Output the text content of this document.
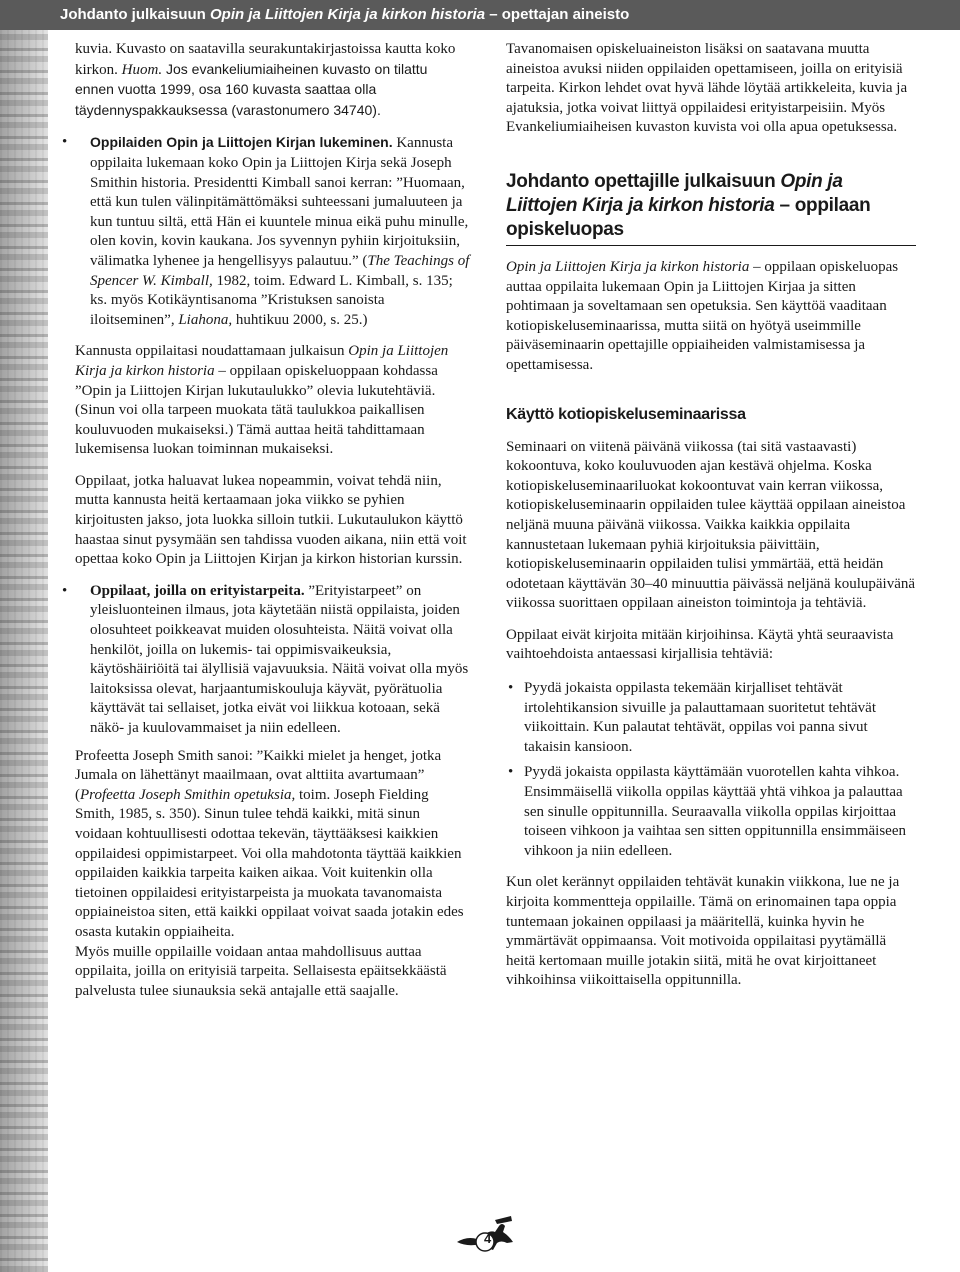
Johdanto julkaisuun Opin ja Liittojen Kirja ja kirkon historia – opettajan aineisto

kuvia. Kuvasto on saatavilla seurakuntakirjastoissa kautta koko kirkon. Huom. Jos evankeliumiaiheinen kuvasto on tilattu ennen vuotta 1999, osa 160 kuvasta saattaa olla täydennyspakkauksessa (varastonumero 34740).

• Oppilaiden Opin ja Liittojen Kirjan lukeminen. Kannusta oppilaita lukemaan koko Opin ja Liittojen Kirja sekä Joseph Smithin historia. Presidentti Kimball sanoi kerran: ”Huomaan, että kun tulen välinpitämättömäksi suhteessani jumaluuteen ja kun tuntuu siltä, että Hän ei kuuntele minua eikä puhu minulle, olen kovin, kovin kaukana. Jos syvennyn pyhiin kirjoituksiin, välimatka lyhenee ja hengellisyys palautuu.” (The Teachings of Spencer W. Kimball, 1982, toim. Edward L. Kimball, s. 135; ks. myös Kotikäyntisanoma ”Kristuksen sanoista iloitseminen”, Liahona, huhtikuu 2000, s. 25.)

Kannusta oppilaitasi noudattamaan julkaisun Opin ja Liittojen Kirja ja kirkon historia – oppilaan opiskeluoppaan kohdassa ”Opin ja Liittojen Kirjan lukutaulukko” olevia lukutehtäviä. (Sinun voi olla tarpeen muokata tätä taulukkoa paikallisen kouluvuoden mukaiseksi.) Tämä auttaa heitä tahdittamaan lukemisensa luokan toiminnan mukaiseksi.

Oppilaat, jotka haluavat lukea nopeammin, voivat tehdä niin, mutta kannusta heitä kertaamaan joka viikko se pyhien kirjoitusten jakso, jota luokka silloin tutkii. Lukutaulukon käyttö haastaa sinut pysymään sen tahdissa vuoden aikana, niin että voit opettaa koko Opin ja Liittojen Kirjan ja kirkon historian kurssin.

• Oppilaat, joilla on erityistarpeita. ”Erityistarpeet” on yleisluonteinen ilmaus, jota käytetään niistä oppilaista, joiden olosuhteet poikkeavat muiden olosuhteista. Näitä voivat olla henkilöt, joilla on lukemis- tai oppimisvaikeuksia, käytöshäiriöitä tai älyllisiä vajavuuksia. Näitä voivat olla myös laitoksissa olevat, harjaantumiskouluja käyvät, pyörätuolia käyttävät tai sellaiset, jotka eivät voi liikkua kotoaan, sekä näkö- ja kuulovammaiset ja niin edelleen.

Profeetta Joseph Smith sanoi: ”Kaikki mielet ja henget, jotka Jumala on lähettänyt maailmaan, ovat alttiita avartumaan” (Profeetta Joseph Smithin opetuksia, toim. Joseph Fielding Smith, 1985, s. 350). Sinun tulee tehdä kaikki, mitä sinun voidaan kohtuullisesti odottaa tekevän, täyttääksesi kaikkien oppilaidesi oppimistarpeet. Voi olla mahdotonta täyttää kaikkien oppilaiden kaikkia tarpeita kaiken aikaa. Voit kuitenkin olla tietoinen oppilaidesi erityistarpeista ja muokata tavanomaista oppiaineistoa siten, että kaikki oppilaat voivat saada jotakin edes osasta kutakin oppiaiheita.

Myös muille oppilaille voidaan antaa mahdollisuus auttaa oppilaita, joilla on erityisiä tarpeita. Sellaisesta epäitsekkäästä palvelusta tulee siunauksia sekä antajalle että saajalle.

Tavanomaisen opiskeluaineiston lisäksi on saatavana muutta aineistoa avuksi niiden oppilaiden opettamiseen, joilla on erityisiä tarpeita. Kirkon lehdet ovat hyvä lähde löytää artikkeleita, kuvia ja ajatuksia, jotka voivat liittyä oppilaidesi erityistarpeisiin. Myös Evankeliumiaiheisen kuvaston kuvista voi olla apua opetuksessa.

Johdanto opettajille julkaisuun Opin ja Liittojen Kirja ja kirkon historia – oppilaan opiskeluopas

Opin ja Liittojen Kirja ja kirkon historia – oppilaan opiskeluopas auttaa oppilaita lukemaan Opin ja Liittojen Kirjaa ja sitten pohtimaan ja soveltamaan sen opetuksia. Sen käyttöä vaaditaan kotiopiskeluseminaarissa, mutta siitä on hyötyä useimmille päiväseminaarin opettajille oppiaiheiden valmistamisessa ja opettamisessa.

Käyttö kotiopiskeluseminaarissa

Seminaari on viitenä päivänä viikossa (tai sitä vastaavasti) kokoontuva, koko kouluvuoden ajan kestävä ohjelma. Koska kotiopiskeluseminaariluokat kokoontuvat vain kerran viikossa, kotiopiskeluseminaarin oppilaiden tulee käyttää oppilaan aineistoa neljänä muuna päivänä viikossa. Vaikka kaikkia oppilaita kannustetaan lukemaan pyhiä kirjoituksia päivittäin, kotiopiskeluseminaarin oppilaiden tulisi ymmärtää, että heidän odotetaan käyttävän 30–40 minuuttia päivässä neljänä koulupäivänä viikossa suorittaen oppilaan aineiston toimintoja ja tehtäviä.

Oppilaat eivät kirjoita mitään kirjoihinsa. Käytä yhtä seuraavista vaihtoehdoista antaessasi kirjallisia tehtäviä:

• Pyydä jokaista oppilasta tekemään kirjalliset tehtävät irtolehtikansion sivuille ja palauttamaan suoritetut tehtävät viikoittain. Kun palautat tehtävät, oppilas voi panna sivut takaisin kansioon.
• Pyydä jokaista oppilasta käyttämään vuorotellen kahta vihkoa. Ensimmäisellä viikolla oppilas käyttää yhtä vihkoa ja palauttaa sen sinulle oppitunnilla. Seuraavalla viikolla oppilas kirjoittaa toiseen vihkoon ja vaihtaa sen sitten oppitunnilla ensimmäiseen vihkoon ja niin edelleen.

Kun olet kerännyt oppilaiden tehtävät kunakin viikkona, lue ne ja kirjoita kommentteja oppilaille. Tämä on erinomainen tapa oppia tuntemaan jokainen oppilaasi ja määritellä, kuinka hyvin he ymmärtävät oppimaansa. Voit motivoida oppilaitasi pyytämällä heitä kertomaan muille jotakin siitä, mitä he ovat kirjoittaneet vihkoihinsa viikoittaisella oppitunnilla.

4
